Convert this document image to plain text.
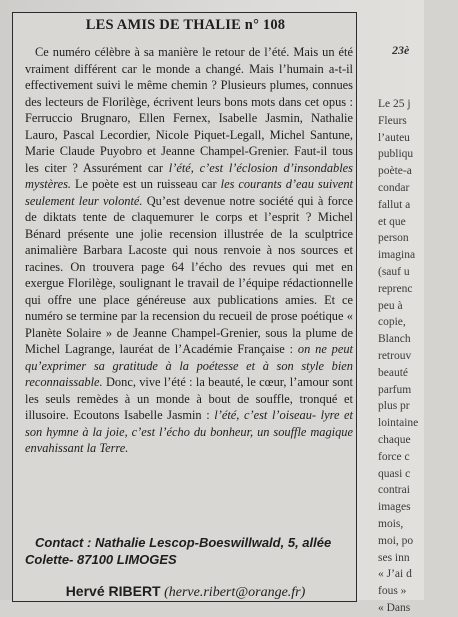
LES AMIS DE THALIE n° 108

Ce numéro célèbre à sa manière le retour de l’été. Mais un été vraiment différent car le monde a changé. Mais l’humain a-t-il effectivement suivi le même chemin ? Plusieurs plumes, connues des lecteurs de Florilège, écrivent leurs bons mots dans cet opus : Ferruccio Brugnaro, Ellen Fernex, Isabelle Jasmin, Nathalie Lauro, Pascal Lecordier, Nicole Piquet-Legall, Michel Santune, Marie Claude Puyobro et Jeanne Champel-Grenier. Faut-il tous les citer ? Assurément car l’été, c’est l’éclosion d’insondables mystères. Le poète est un ruisseau car les courants d’eau suivent seulement leur volonté. Qu’est devenue notre société qui à force de diktats tente de claquemurer le corps et l’esprit ? Michel Bénard présente une jolie recension illustrée de la sculptrice animalière Barbara Lacoste qui nous renvoie à nos sources et racines. On trouvera page 64 l’écho des revues qui met en exergue Florilège, soulignant le travail de l’équipe rédactionnelle qui offre une place généreuse aux publications amies. Et ce numéro se termine par la recension du recueil de prose poétique « Planète Solaire » de Jeanne Champel-Grenier, sous la plume de Michel Lagrange, lauréat de l’Académie Française : on ne peut qu’exprimer sa gratitude à la poétesse et à son style bien reconnaissable. Donc, vive l’été : la beauté, le cœur, l’amour sont les seuls remèdes à un monde à bout de souffle, tronqué et illusoire. Ecoutons Isabelle Jasmin : l’été, c’est l’oiseau- lyre et son hymne à la joie, c’est l’écho du bonheur, un souffle magique envahissant la Terre.

Contact : Nathalie Lescop-Boeswillwald, 5, allée Colette- 87100 LIMOGES

Hervé RIBERT (herve.ribert@orange.fr)
23è
Le 25 j
Fleurs
l’auteu
publiqu
poète-a
condar
fallut a
et que
person
imagina
(sauf u
reprenc
peu à
copie,
Blanch
retrouv
beauté
parfum
plus pr
lointaine
chaque
force c
quasi c
contrai
images
mois,
moi, po
ses inn
« J’ai d
fous »
« Dans
